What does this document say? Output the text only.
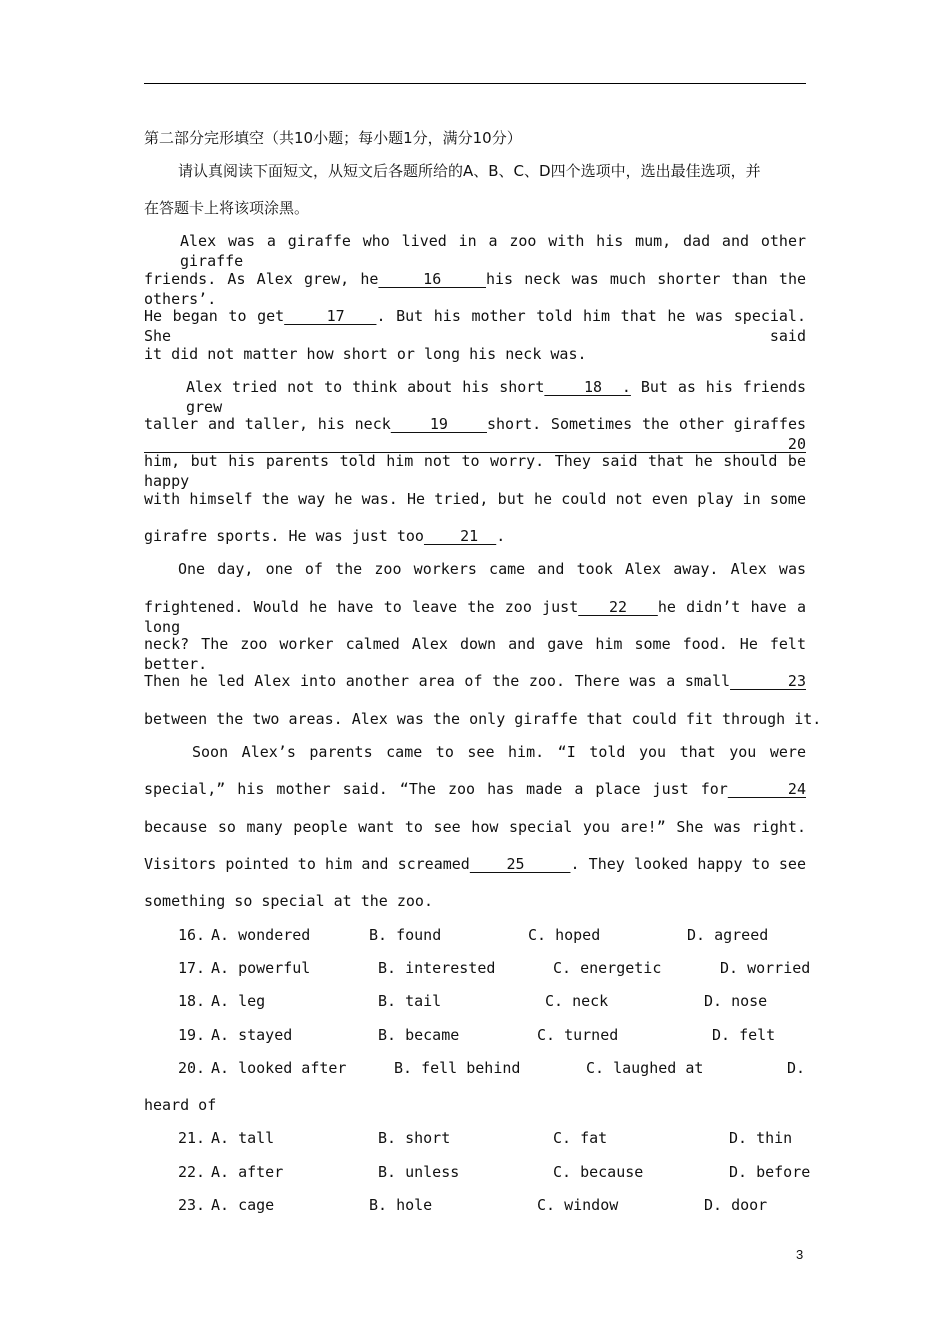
第二部分完形填空（共10小题；每小题1分，满分10分）
请认真阅读下面短文，从短文后各题所给的A、B、C、D四个选项中，选出最佳选项，并
在答题卡上将该项涂黑。
Alex was a giraffe who lived in a zoo with his mum, dad and other giraffe
friends. As Alex grew, he    16    his neck was much shorter than the others’.
He began to get    17   . But his mother told him that he was special. She said
it did not matter how short or long his neck was.
Alex tried not to think about his short    18  . But as his friends grew
taller and taller, his neck    19    short. Sometimes the other giraffes    20
him, but his parents told him not to worry. They said that he should be happy
with himself the way he was. He tried, but he could not even play in some
girafre sports. He was just too    21  .
One day, one of the zoo workers came and took Alex away. Alex was
frightened. Would he have to leave the zoo just   22   he didn’t have a long
neck? The zoo worker calmed Alex down and gave him some food. He felt better.
Then he led Alex into another area of the zoo. There was a small      23
between the two areas. Alex was the only giraffe that could fit through it.
Soon Alex’s parents came to see him. “I told you that you were
special,” his mother said. “The zoo has made a place just for     24
because so many people want to see how special you are!” She was right.
Visitors pointed to him and screamed    25     . They looked happy to see
something so special at the zoo.
16. A. wondered	B. found	C. hoped	D. agreed
17. A. powerful	B. interested	C. energetic	D. worried
18. A. leg	B. tail	C. neck	D. nose
19. A. stayed	B. became	C. turned	D. felt
20. A. looked after	B. fell behind	C. laughed at	D.
heard of
21. A. tall	B. short	C. fat	D. thin
22. A. after	B. unless	C. because	D. before
23. A. cage	B. hole	C. window	D. door
3
